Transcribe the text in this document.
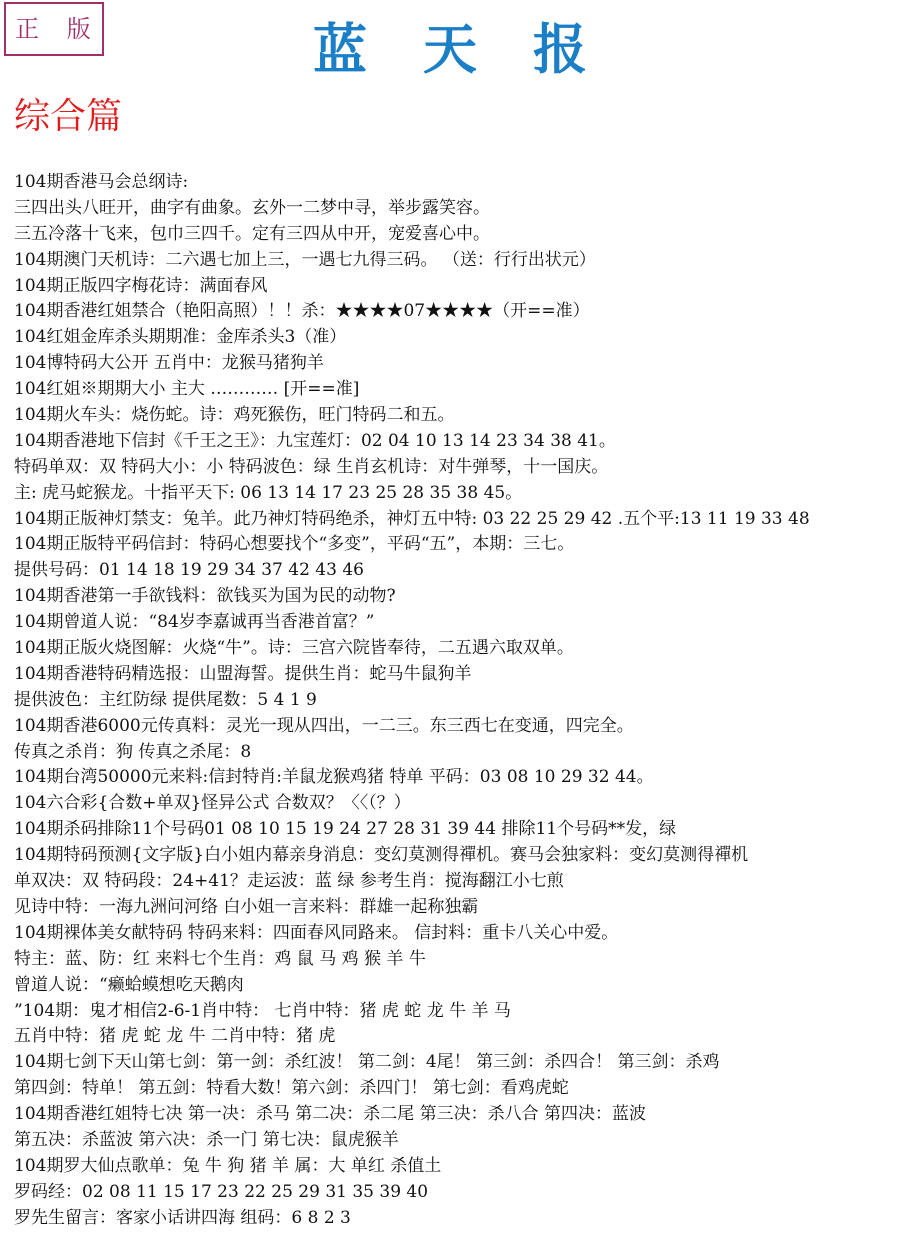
正 版	蓝天报
综合篇
104期香港马会总纲诗:
三四出头八旺开，曲字有曲象。玄外一二梦中寻，举步露笑容。
三五冷落十飞来，包巾三四千。定有三四从中开，宠爱喜心中。
104期澳门天机诗：二六遇七加上三，一遇七九得三码。 （送：行行出状元）
104期正版四字梅花诗：满面春风
104期香港红姐禁合（艳阳高照）！！杀：★★★★07★★★★（开==准）
104红姐金库杀头期期准：金库杀头3（准）
104博特码大公开 五肖中：龙猴马猪狗羊
104红姐※期期大小 主大 ………… [开==准]
104期火车头：烧伤蛇。诗：鸡死猴伤，旺门特码二和五。
104期香港地下信封《千王之王》：九宝莲灯：02 04 10 13 14 23 34 38 41。
特码单双：双 特码大小：小 特码波色：绿 生肖玄机诗：对牛弹琴，十一国庆。
主: 虎马蛇猴龙。十指平天下: 06 13 14 17 23 25 28 35 38 45。
104期正版神灯禁支：兔羊。此乃神灯特码绝杀，神灯五中特: 03 22 25 29 42 .五个平:13 11 19 33 48
104期正版特平码信封：特码心想要找个“多变”，平码“五”，本期：三七。
提供号码：01 14 18 19 29 34 37 42 43 46
104期香港第一手欲钱料：欲钱买为国为民的动物?
104期曾道人说：“84岁李嘉诚再当香港首富？”
104期正版火烧图解：火烧“牛”。诗：三宫六院皆奉待，二五遇六取双单。
104期香港特码精选报：山盟海誓。提供生肖：蛇马牛鼠狗羊
提供波色：主红防绿 提供尾数：5 4 1 9
104期香港6000元传真料：灵光一现从四出，一二三。东三西七在变通，四完全。
传真之杀肖：狗 传真之杀尾：8
104期台湾50000元来料:信封特肖:羊鼠龙猴鸡猪 特单 平码：03 08 10 29 32 44。
104六合彩{合数+单双}怪异公式 合数双？〈〈（？）
104期杀码排除11个号码01 08 10 15 19 24 27 28 31 39 44 排除11个号码**发，绿
104期特码预测{文字版}白小姐内幕亲身消息：变幻莫测得禪机。赛马会独家料：变幻莫测得禪机
单双决：双 特码段：24+41？走运波：蓝 绿 参考生肖：搅海翻江小七煎
见诗中特：一海九洲问河络 白小姐一言来料：群雄一起称独霸
104期裸体美女献特码 特码来料：四面春风同路来。 信封料：重卡八关心中爱。
特主：蓝、防：红 来料七个生肖：鸡 鼠 马 鸡 猴 羊 牛
曾道人说：“癞蛤蟆想吃天鹅肉
”104期：鬼才相信2-6-1肖中特： 七肖中特：猪 虎 蛇 龙 牛 羊 马
五肖中特：猪 虎 蛇 龙 牛 二肖中特：猪 虎
104期七剑下天山第七剑：第一剑：杀红波！ 第二剑：4尾！ 第三剑：杀四合！ 第三剑：杀鸡
第四剑：特单！ 第五剑：特看大数！第六剑：杀四门！ 第七剑：看鸡虎蛇
104期香港红姐特七决 第一决：杀马 第二决：杀二尾 第三决：杀八合 第四决：蓝波
第五决：杀蓝波 第六决：杀一门 第七决：鼠虎猴羊
104期罗大仙点歌单：兔 牛 狗 猪 羊 属：大 单红 杀值土
罗码经：02 08 11 15 17 23 22 25 29 31 35 39 40
罗先生留言：客家小话讲四海 组码：6 8 2 3
